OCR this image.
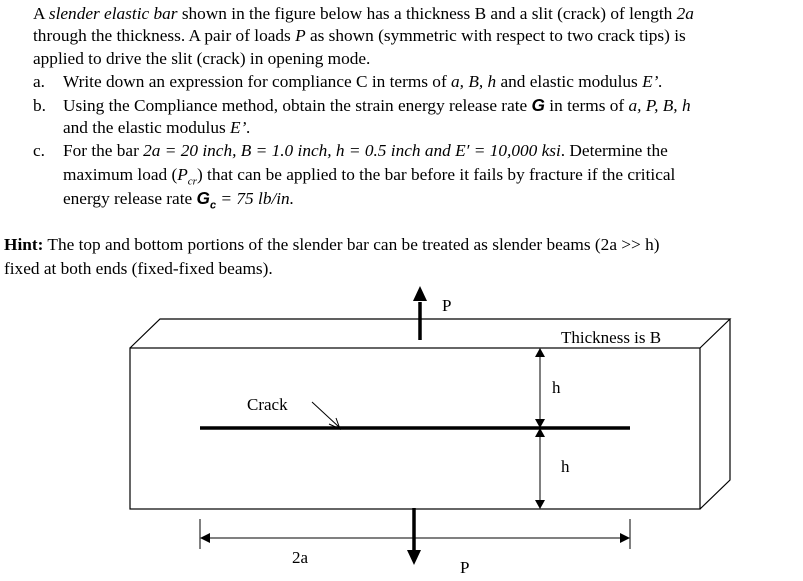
A slender elastic bar shown in the figure below has a thickness B and a slit (crack) of length 2a
through the thickness. A pair of loads P as shown (symmetric with respect to two crack tips) is
applied to drive the slit (crack) in opening mode.
a. Write down an expression for compliance C in terms of a, B, h and elastic modulus E’.
b. Using the Compliance method, obtain the strain energy release rate G in terms of a, P, B, h
and the elastic modulus E’.
c. For the bar 2a = 20 inch, B = 1.0 inch, h = 0.5 inch and E′ = 10,000 ksi. Determine the
maximum load $(P_{cr})$ that can be applied to the bar before it fails by fracture if the critical
energy release rate $G_c = 75$ lb/in.
Hint: The top and bottom portions of the slender bar can be treated as slender beams (2a >> h)
fixed at both ends (fixed-fixed beams).
P
P
Thickness is B
Crack
h
h
2a
